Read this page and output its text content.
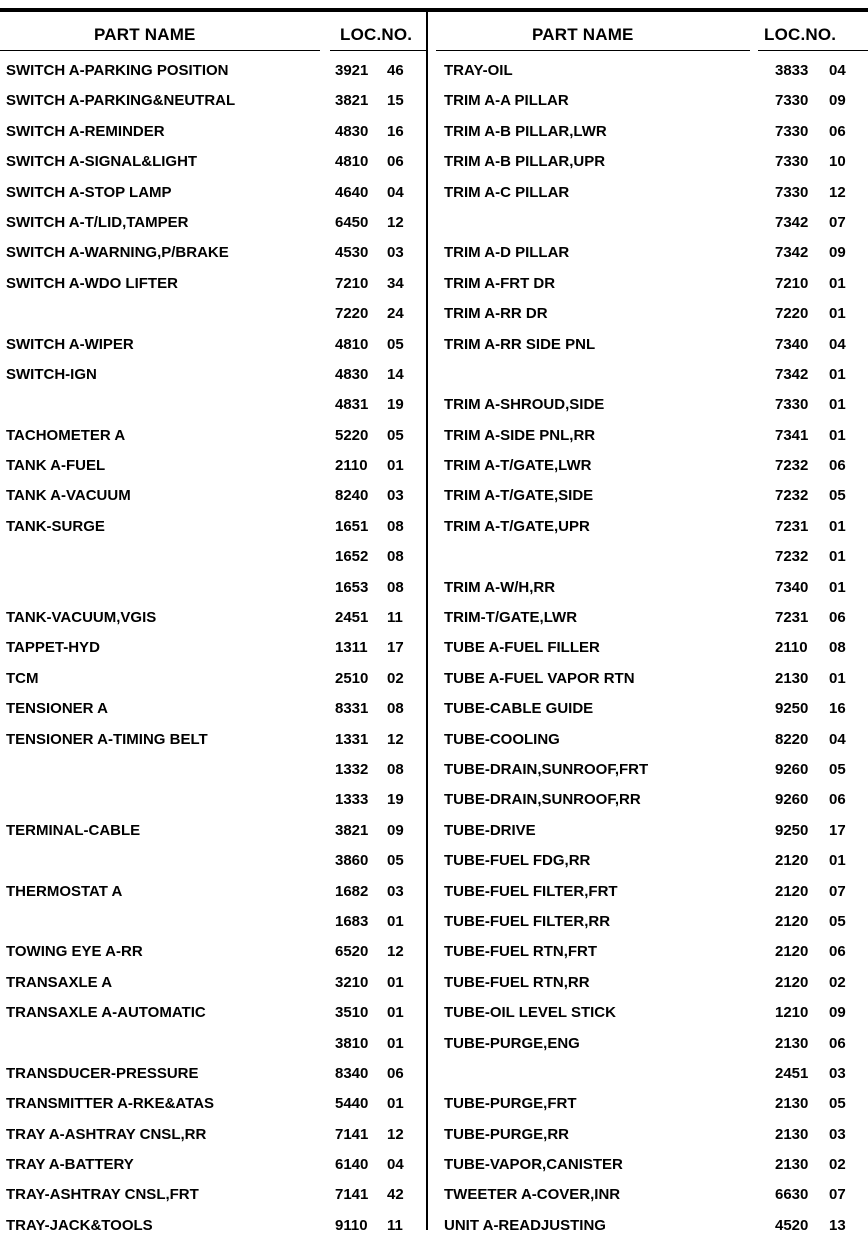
PART NAME	LOC.NO.
SWITCH A-PARKING POSITION	3921 46
SWITCH A-PARKING&NEUTRAL	3821 15
SWITCH A-REMINDER	4830 16
SWITCH A-SIGNAL&LIGHT	4810 06
SWITCH A-STOP LAMP	4640 04
SWITCH A-T/LID,TAMPER	6450 12
SWITCH A-WARNING,P/BRAKE	4530 03
SWITCH A-WDO LIFTER	7210 34
7220 24
SWITCH A-WIPER	4810 05
SWITCH-IGN	4830 14
4831 19
TACHOMETER A	5220 05
TANK A-FUEL	2110 01
TANK A-VACUUM	8240 03
TANK-SURGE	1651 08
1652 08
1653 08
TANK-VACUUM,VGIS	2451 11
TAPPET-HYD	1311 17
TCM	2510 02
TENSIONER A	8331 08
TENSIONER A-TIMING BELT	1331 12
1332 08
1333 19
TERMINAL-CABLE	3821 09
3860 05
THERMOSTAT A	1682 03
1683 01
TOWING EYE A-RR	6520 12
TRANSAXLE A	3210 01
TRANSAXLE A-AUTOMATIC	3510 01
3810 01
TRANSDUCER-PRESSURE	8340 06
TRANSMITTER A-RKE&ATAS	5440 01
TRAY A-ASHTRAY CNSL,RR	7141 12
TRAY A-BATTERY	6140 04
TRAY-ASHTRAY CNSL,FRT	7141 42
TRAY-JACK&TOOLS	9110 11
PART NAME	LOC.NO.
TRAY-OIL	3833 04
TRIM A-A PILLAR	7330 09
TRIM A-B PILLAR,LWR	7330 06
TRIM A-B PILLAR,UPR	7330 10
TRIM A-C PILLAR	7330 12
7342 07
TRIM A-D PILLAR	7342 09
TRIM A-FRT DR	7210 01
TRIM A-RR DR	7220 01
TRIM A-RR SIDE PNL	7340 04
7342 01
TRIM A-SHROUD,SIDE	7330 01
TRIM A-SIDE PNL,RR	7341 01
TRIM A-T/GATE,LWR	7232 06
TRIM A-T/GATE,SIDE	7232 05
TRIM A-T/GATE,UPR	7231 01
7232 01
TRIM A-W/H,RR	7340 01
TRIM-T/GATE,LWR	7231 06
TUBE A-FUEL FILLER	2110 08
TUBE A-FUEL VAPOR RTN	2130 01
TUBE-CABLE GUIDE	9250 16
TUBE-COOLING	8220 04
TUBE-DRAIN,SUNROOF,FRT	9260 05
TUBE-DRAIN,SUNROOF,RR	9260 06
TUBE-DRIVE	9250 17
TUBE-FUEL FDG,RR	2120 01
TUBE-FUEL FILTER,FRT	2120 07
TUBE-FUEL FILTER,RR	2120 05
TUBE-FUEL RTN,FRT	2120 06
TUBE-FUEL RTN,RR	2120 02
TUBE-OIL LEVEL STICK	1210 09
TUBE-PURGE,ENG	2130 06
2451 03
TUBE-PURGE,FRT	2130 05
TUBE-PURGE,RR	2130 03
TUBE-VAPOR,CANISTER	2130 02
TWEETER A-COVER,INR	6630 07
UNIT A-READJUSTING	4520 13
